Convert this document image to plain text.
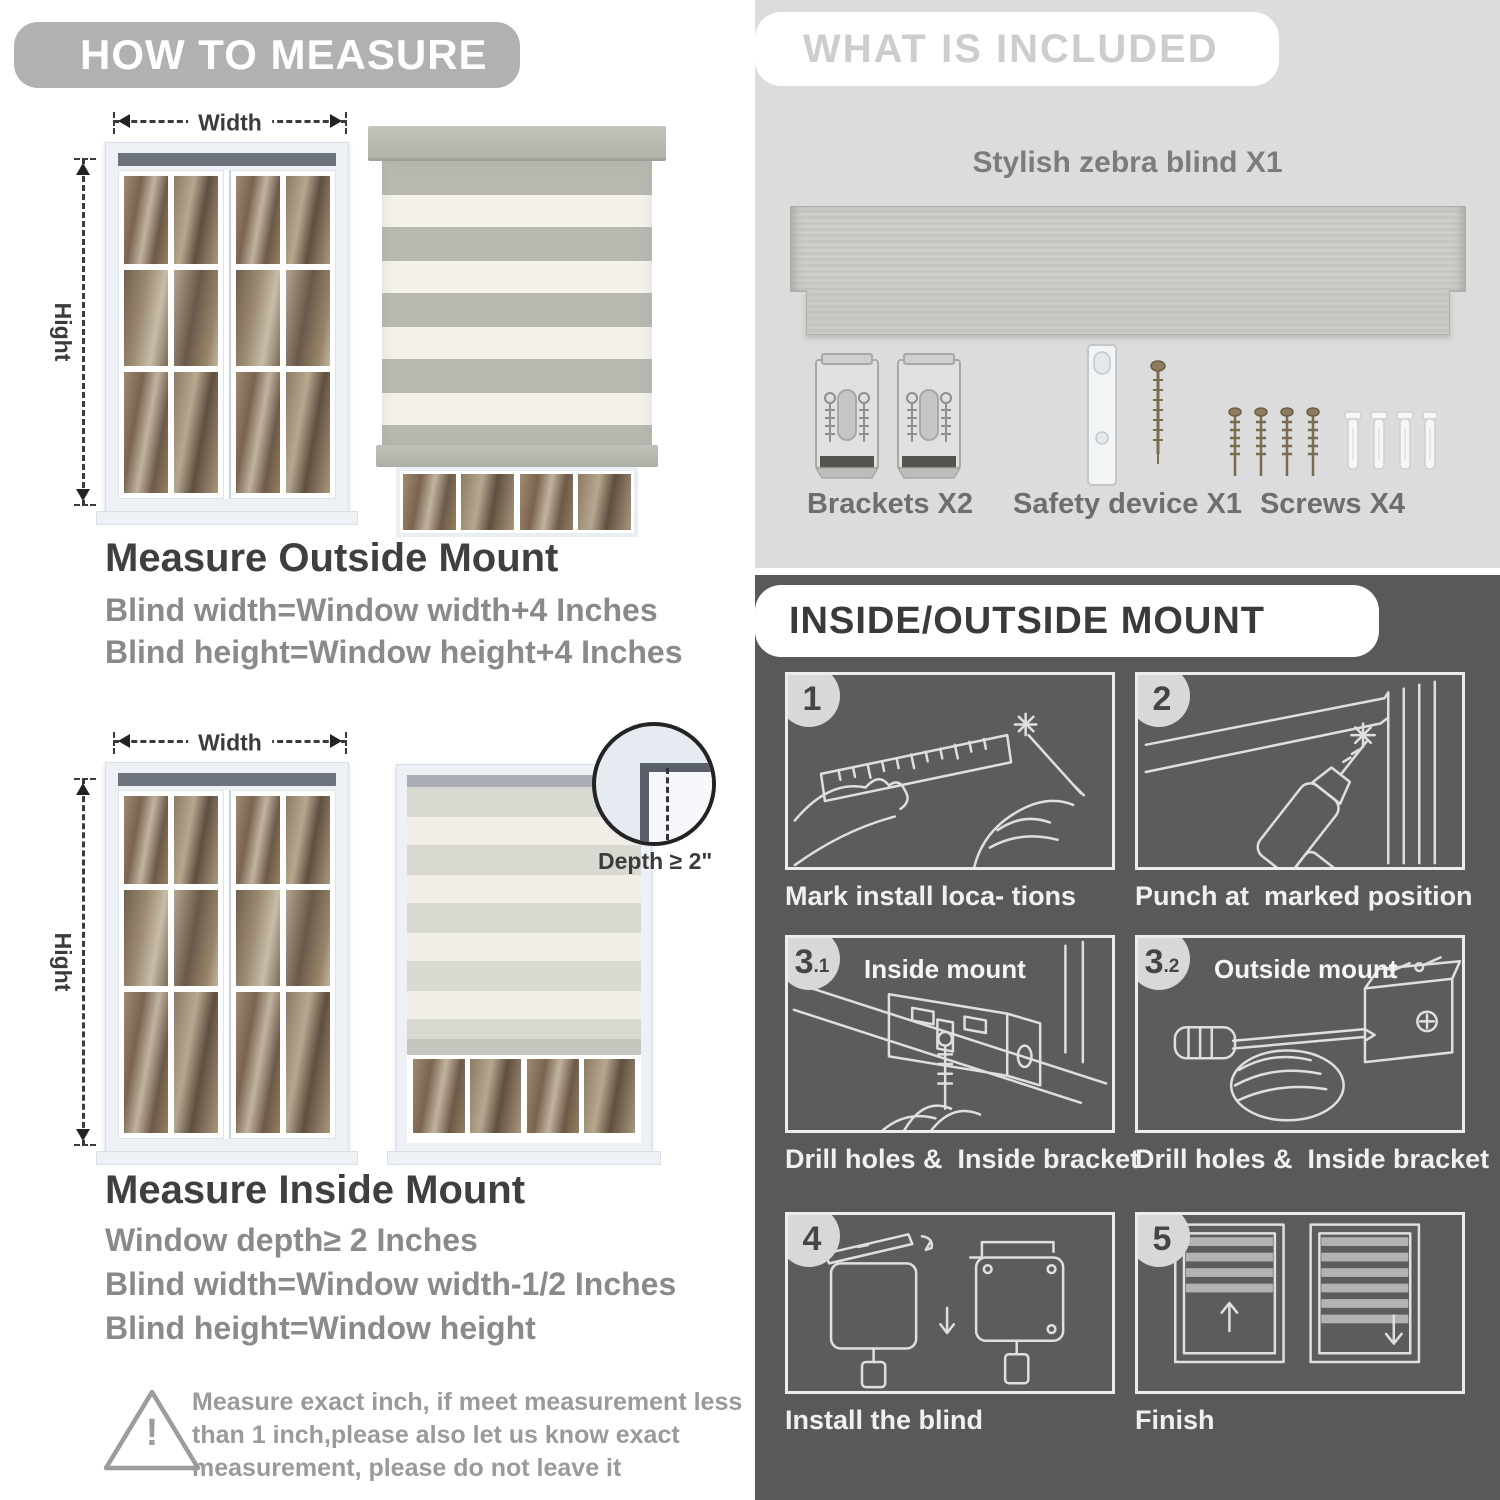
HOW TO MEASURE
Width
Hight
Measure Outside Mount
Blind width=Window width+4 Inches
Blind height=Window height+4 Inches
Width
Hight
Depth ≥ 2"
Measure Inside Mount
Window depth≥ 2 Inches
Blind width=Window width-1/2 Inches
Blind height=Window height
!
Measure exact inch, if meet measurement less
than 1 inch,please also let us know exact
measurement, please do not leave it
WHAT IS INCLUDED
Stylish zebra blind X1
Brackets X2	Safety device X1 Screws X4
INSIDE/OUTSIDE MOUNT
1
Mark install loca- tions
2
Punch at  marked position
3 .1 Inside mount
Drill holes &  Inside bracket
3 .2 Outside mount
Drill holes &  Inside bracket
4
Install the blind
5
Finish
